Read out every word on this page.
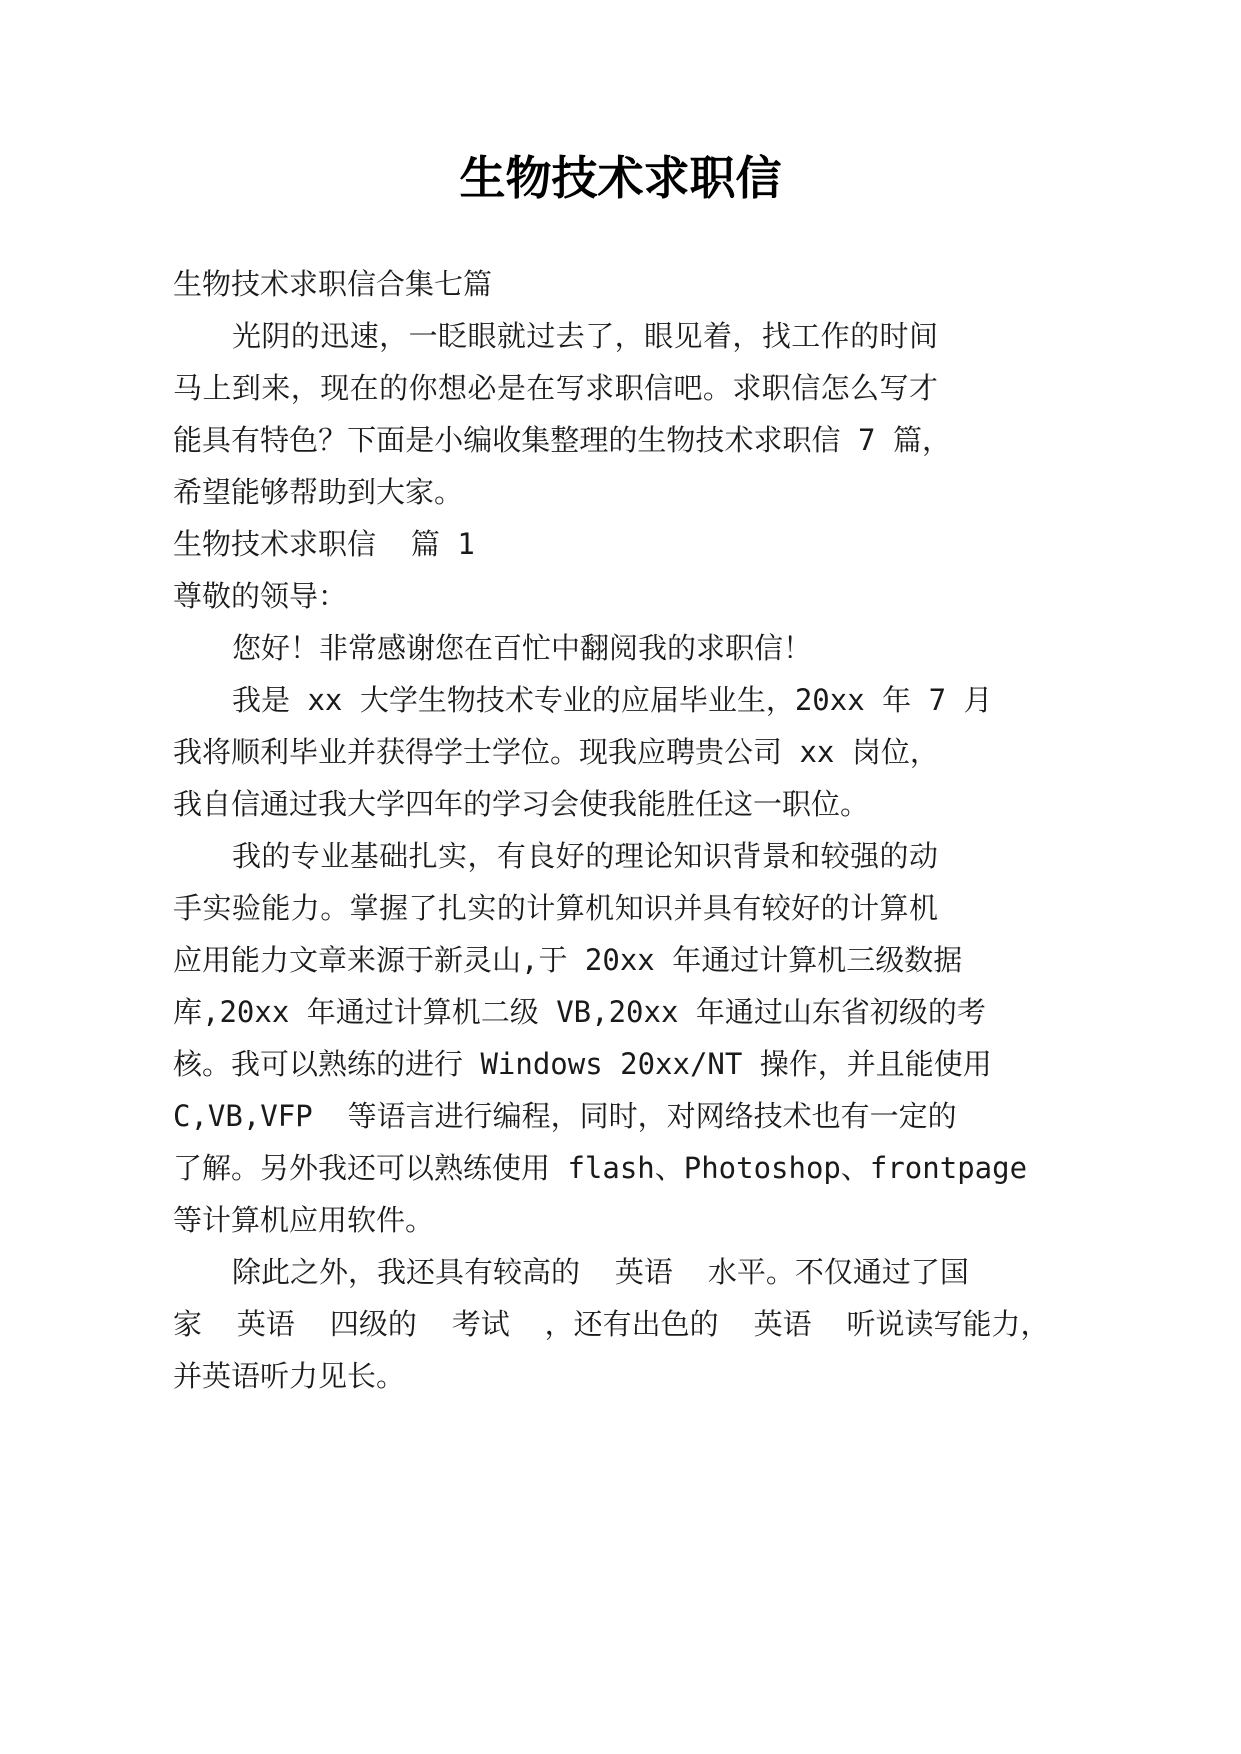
生物技术求职信
生物技术求职信合集七篇
光阴的迅速，一眨眼就过去了，眼见着，找工作的时间
马上到来，现在的你想必是在写求职信吧。求职信怎么写才
能具有特色？下面是小编收集整理的生物技术求职信 7 篇，
希望能够帮助到大家。
生物技术求职信  篇 1
尊敬的领导：
您好！非常感谢您在百忙中翻阅我的求职信！
我是 xx 大学生物技术专业的应届毕业生，20xx 年 7 月
我将顺利毕业并获得学士学位。现我应聘贵公司 xx 岗位，
我自信通过我大学四年的学习会使我能胜任这一职位。
我的专业基础扎实，有良好的理论知识背景和较强的动
手实验能力。掌握了扎实的计算机知识并具有较好的计算机
应用能力文章来源于新灵山,于 20xx 年通过计算机三级数据
库,20xx 年通过计算机二级 VB,20xx 年通过山东省初级的考
核。我可以熟练的进行 Windows 20xx/NT 操作，并且能使用
C,VB,VFP  等语言进行编程，同时，对网络技术也有一定的
了解。另外我还可以熟练使用 flash、Photoshop、frontpage
等计算机应用软件。
除此之外，我还具有较高的  英语  水平。不仅通过了国
家  英语  四级的  考试  ，还有出色的  英语  听说读写能力，
并英语听力见长。
